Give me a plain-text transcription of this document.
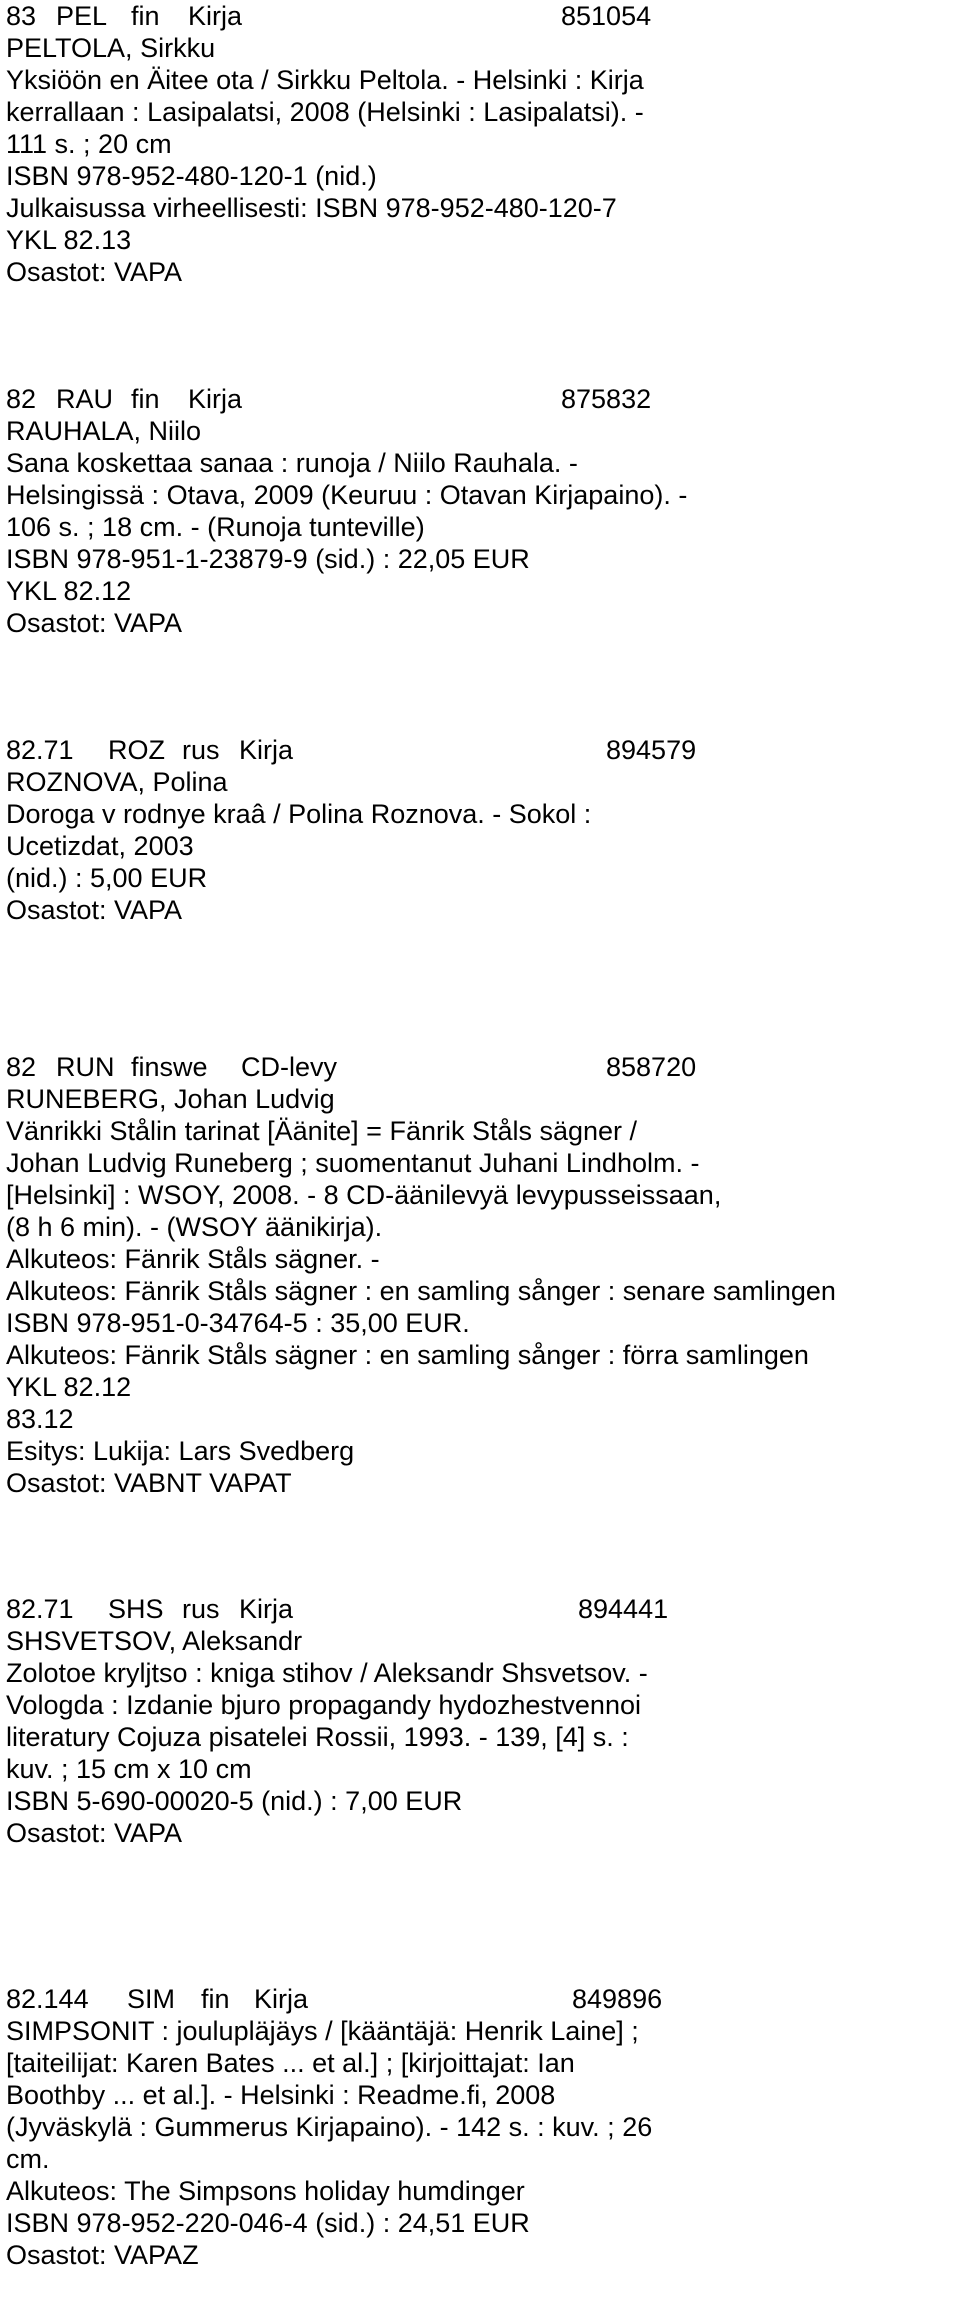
83 PEL fin Kirja	851054
PELTOLA, Sirkku
Yksiöön en Äitee ota / Sirkku Peltola. - Helsinki : Kirja
kerrallaan : Lasipalatsi, 2008 (Helsinki : Lasipalatsi). -
111 s. ; 20 cm
ISBN 978-952-480-120-1 (nid.)
Julkaisussa virheellisesti: ISBN 978-952-480-120-7
YKL 82.13
Osastot: VAPA
82 RAU fin Kirja	875832
RAUHALA, Niilo
Sana koskettaa sanaa : runoja / Niilo Rauhala. -
Helsingissä : Otava, 2009 (Keuruu : Otavan Kirjapaino). -
106 s. ; 18 cm. - (Runoja tunteville)
ISBN 978-951-1-23879-9 (sid.) : 22,05 EUR
YKL 82.12
Osastot: VAPA
82.71 ROZ rus Kirja	894579
ROZNOVA, Polina
Doroga v rodnye kraâ / Polina Roznova. - Sokol :
Ucetizdat, 2003
(nid.) : 5,00 EUR
Osastot: VAPA
82 RUN finswe CD-levy	858720
RUNEBERG, Johan Ludvig
Vänrikki Stålin tarinat [Äänite] = Fänrik Ståls sägner /
Johan Ludvig Runeberg ; suomentanut Juhani Lindholm. -
[Helsinki] : WSOY, 2008. - 8 CD-äänilevyä levypusseissaan,
(8 h 6 min). - (WSOY äänikirja).
Alkuteos: Fänrik Ståls sägner. -
Alkuteos: Fänrik Ståls sägner : en samling sånger : senare samlingen
ISBN 978-951-0-34764-5 : 35,00 EUR.
Alkuteos: Fänrik Ståls sägner : en samling sånger : förra samlingen
YKL 82.12
83.12
Esitys: Lukija: Lars Svedberg
Osastot: VABNT VAPAT
82.71 SHS rus Kirja	894441
SHSVETSOV, Aleksandr
Zolotoe kryljtso : kniga stihov / Aleksandr Shsvetsov. -
Vologda : Izdanie bjuro propagandy hydozhestvennoi
literatury Cojuza pisatelei Rossii, 1993. - 139, [4] s. :
kuv. ; 15 cm x 10 cm
ISBN 5-690-00020-5 (nid.) : 7,00 EUR
Osastot: VAPA
82.144 SIM fin Kirja	849896
SIMPSONIT : joulupläjäys / [kääntäjä: Henrik Laine] ;
[taiteilijat: Karen Bates ... et al.] ; [kirjoittajat: Ian
Boothby ... et al.]. - Helsinki : Readme.fi, 2008
(Jyväskylä : Gummerus Kirjapaino). - 142 s. : kuv. ; 26
cm.
Alkuteos: The Simpsons holiday humdinger
ISBN 978-952-220-046-4 (sid.) : 24,51 EUR
Osastot: VAPAZ
